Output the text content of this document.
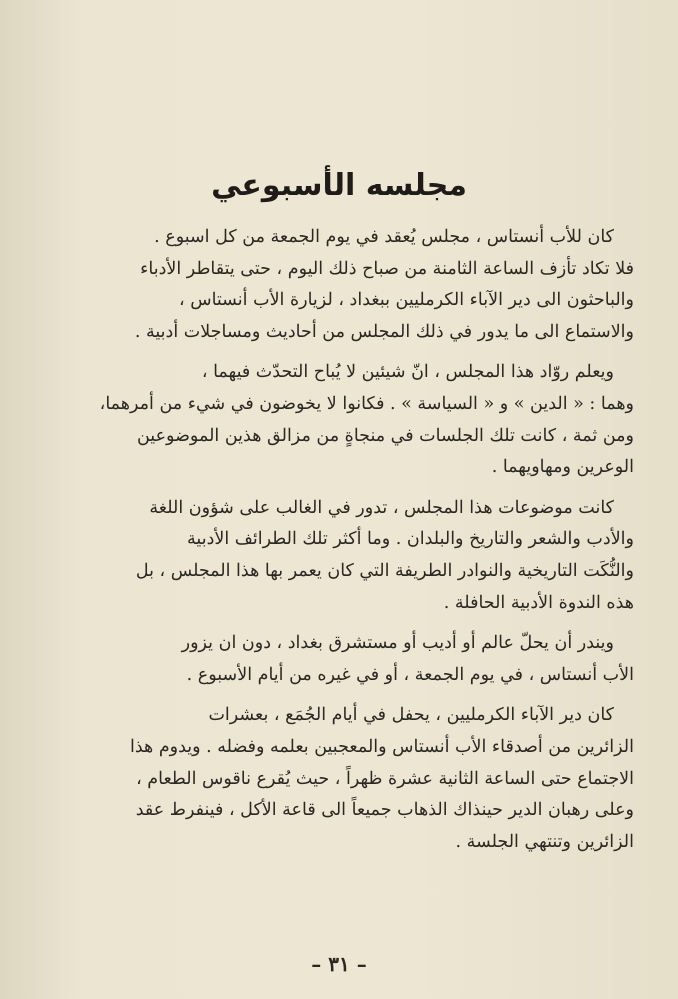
مجلسه الأسبوعي
كان للأب أنستاس ، مجلس يُعقد في يوم الجمعة من كل اسبوع .
فلا تكاد تأزف الساعة الثامنة من صباح ذلك اليوم ، حتى يتقاطر الأدباء
والباحثون الى دير الآباء الكرمليين ببغداد ، لزيارة الأب أنستاس ،
والاستماع الى ما يدور في ذلك المجلس من أحاديث ومساجلات أدبية .
ويعلم روّاد هذا المجلس ، انّ شيئين لا يُباح التحدّث فيهما ،
وهما : « الدين » و « السياسة » . فكانوا لا يخوضون في شيء من أمرهما،
ومن ثمة ، كانت تلك الجلسات في منجاةٍ من مزالق هذين الموضوعين
الوعرين ومهاويهما .
كانت موضوعات هذا المجلس ، تدور في الغالب على شؤون اللغة
والأدب والشعر والتاريخ والبلدان . وما أكثر تلك الطرائف الأدبية
والنُّكَت التاريخية والنوادر الطريفة التي كان يعمر بها هذا المجلس ، بل
هذه الندوة الأدبية الحافلة .
ويندر أن يحلّ عالم أو أديب أو مستشرق بغداد ، دون ان يزور
الأب أنستاس ، في يوم الجمعة ، أو في غيره من أيام الأسبوع .
كان دير الآباء الكرمليين ، يحفل في أيام الجُمَع ، بعشرات
الزائرين من أصدقاء الأب أنستاس والمعجبين بعلمه وفضله . ويدوم هذا
الاجتماع حتى الساعة الثانية عشرة ظهراً ، حيث يُقرع ناقوس الطعام ،
وعلى رهبان الدير حينذاك الذهاب جميعاً الى قاعة الأكل ، فينفرط عقد
الزائرين وتنتهي الجلسة .
– ٣١ –
